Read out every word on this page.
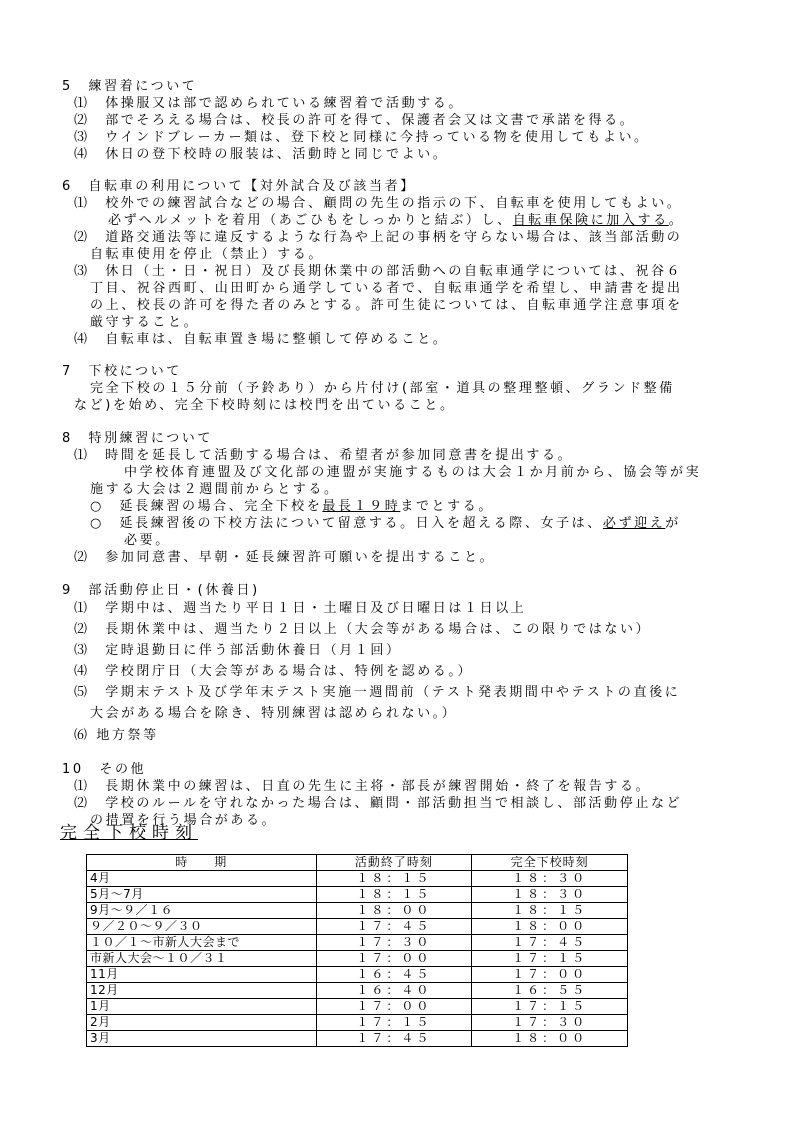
5　練習着について
⑴　体操服又は部で認められている練習着で活動する。
⑵　部でそろえる場合は、校長の許可を得て、保護者会又は文書で承諾を得る。
⑶　ウインドブレーカー類は、登下校と同様に今持っている物を使用してもよい。
⑷　休日の登下校時の服装は、活動時と同じでよい。
6　自転車の利用について【対外試合及び該当者】
⑴　校外での練習試合などの場合、顧問の先生の指示の下、自転車を使用してもよい。
必ずヘルメットを着用（あごひもをしっかりと結ぶ）し、自転車保険に加入する。
⑵　道路交通法等に違反するような行為や上記の事柄を守らない場合は、該当部活動の
自転車使用を停止（禁止）する。
⑶　休日（土・日・祝日）及び長期休業中の部活動への自転車通学については、祝谷６
丁目、祝谷西町、山田町から通学している者で、自転車通学を希望し、申請書を提出
の上、校長の許可を得た者のみとする。許可生徒については、自転車通学注意事項を
厳守すること。
⑷　自転車は、自転車置き場に整頓して停めること。
7　下校について
完全下校の１５分前（予鈴あり）から片付け(部室・道具の整理整頓、グランド整備
など)を始め、完全下校時刻には校門を出ていること。
8　特別練習について
⑴　時間を延長して活動する場合は、希望者が参加同意書を提出する。
中学校体育連盟及び文化部の連盟が実施するものは大会１か月前から、協会等が実
施する大会は２週間前からとする。
○　延長練習の場合、完全下校を最長１９時までとする。
○　延長練習後の下校方法について留意する。日入を超える際、女子は、必ず迎えが
必要。
⑵　参加同意書、早朝・延長練習許可願いを提出すること。
9　部活動停止日・(休養日)
⑴　学期中は、週当たり平日１日・土曜日及び日曜日は１日以上
⑵　長期休業中は、週当たり２日以上（大会等がある場合は、この限りではない）
⑶　定時退勤日に伴う部活動休養日（月１回）
⑷　学校閉庁日（大会等がある場合は、特例を認める。）
⑸　学期末テスト及び学年末テスト実施一週間前（テスト発表期間中やテストの直後に
大会がある場合を除き、特別練習は認められない。）
⑹ 地方祭等
10　その他
⑴　長期休業中の練習は、日直の先生に主将・部長が練習開始・終了を報告する。
⑵　学校のルールを守れなかった場合は、顧問・部活動担当で相談し、部活動停止など
の措置を行う場合がある。
完全下校時刻
時　　期	活動終了時刻	完全下校時刻
4月	１８：１５	１８：３０
5月～7月	１８：１５	１８：３０
9月～９／１６	１８：００	１８：１５
９／２０～９／３０	１７：４５	１８：００
１０／１～市新人大会まで	１７：３０	１７：４５
市新人大会～１０／３１	１７：００	１７：１５
11月	１６：４５	１７：００
12月	１６：４０	１６：５５
1月	１７：００	１７：１５
2月	１７：１５	１７：３０
3月	１７：４５	１８：００
